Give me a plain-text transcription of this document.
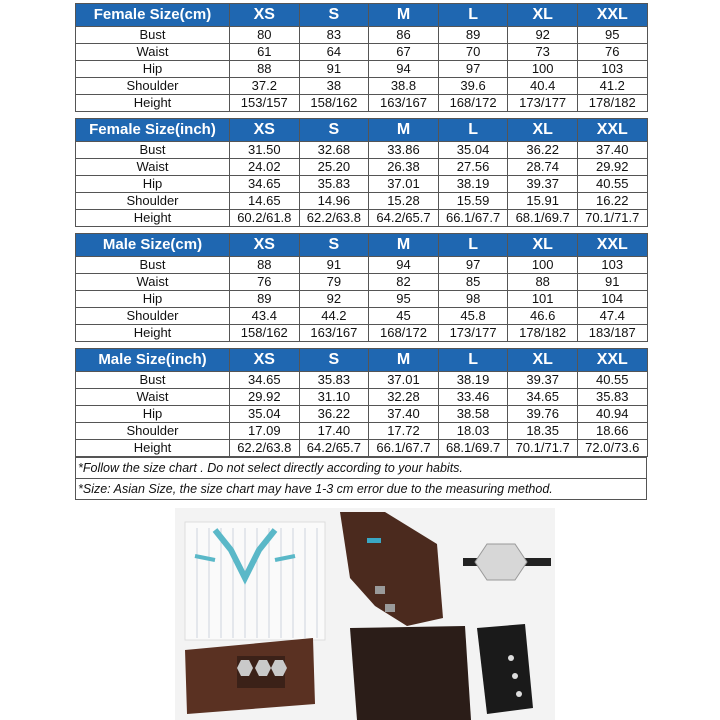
Female Size(cm)	XS	S	M	L	XL	XXL
Bust	80	83	86	89	92	95
Waist	61	64	67	70	73	76
Hip	88	91	94	97	100	103
Shoulder	37.2	38	38.8	39.6	40.4	41.2
Height	153/157	158/162	163/167	168/172	173/177	178/182
Female Size(inch)	XS	S	M	L	XL	XXL
Bust	31.50	32.68	33.86	35.04	36.22	37.40
Waist	24.02	25.20	26.38	27.56	28.74	29.92
Hip	34.65	35.83	37.01	38.19	39.37	40.55
Shoulder	14.65	14.96	15.28	15.59	15.91	16.22
Height	60.2/61.8	62.2/63.8	64.2/65.7	66.1/67.7	68.1/69.7	70.1/71.7
Male Size(cm)	XS	S	M	L	XL	XXL
Bust	88	91	94	97	100	103
Waist	76	79	82	85	88	91
Hip	89	92	95	98	101	104
Shoulder	43.4	44.2	45	45.8	46.6	47.4
Height	158/162	163/167	168/172	173/177	178/182	183/187
Male Size(inch)	XS	S	M	L	XL	XXL
Bust	34.65	35.83	37.01	38.19	39.37	40.55
Waist	29.92	31.10	32.28	33.46	34.65	35.83
Hip	35.04	36.22	37.40	38.58	39.76	40.94
Shoulder	17.09	17.40	17.72	18.03	18.35	18.66
Height	62.2/63.8	64.2/65.7	66.1/67.7	68.1/69.7	70.1/71.7	72.0/73.6
*Follow the size chart . Do not select directly according to your habits.
*Size: Asian Size, the size chart may have 1-3 cm error due to the measuring method.
